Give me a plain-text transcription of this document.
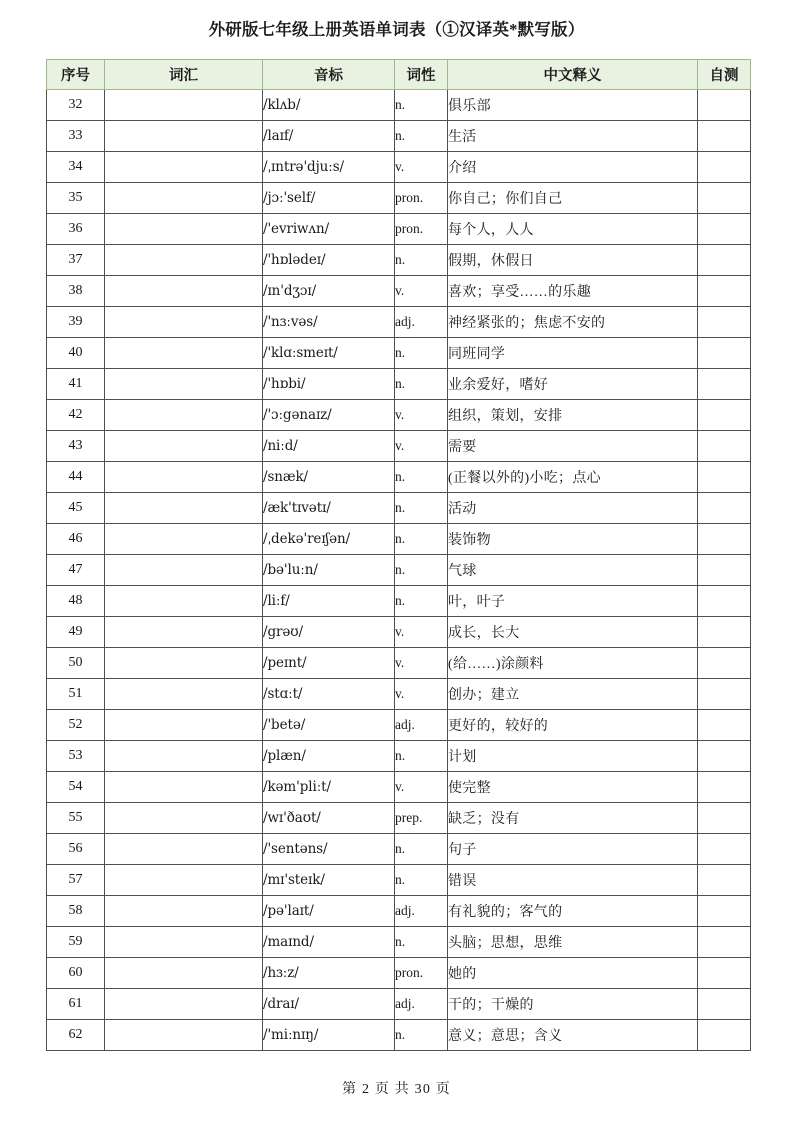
外研版七年级上册英语单词表（①汉译英*默写版）
序号	词汇	音标	词性	中文释义	自测
32		/klʌb/	n.	俱乐部	
33		/laɪf/	n.	生活	
34		/ˌɪntrə'djuːs/	v.	介绍	
35		/jɔː'self/	pron.	你自己；你们自己	
36		/'evriwʌn/	pron.	每个人，人人	
37		/'hɒlədeɪ/	n.	假期，休假日	
38		/ɪn'dʒɔɪ/	v.	喜欢；享受……的乐趣	
39		/'nɜːvəs/	adj.	神经紧张的；焦虑不安的	
40		/'klɑːsmeɪt/	n.	同班同学	
41		/'hɒbi/	n.	业余爱好，嗜好	
42		/'ɔːgənaɪz/	v.	组织，策划，安排	
43		/niːd/	v.	需要	
44		/snæk/	n.	(正餐以外的)小吃；点心	
45		/æk'tɪvətɪ/	n.	活动	
46		/ˌdekə'reɪʃən/	n.	装饰物	
47		/bə'luːn/	n.	气球	
48		/liːf/	n.	叶，叶子	
49		/grəʊ/	v.	成长，长大	
50		/peɪnt/	v.	(给……)涂颜料	
51		/stɑːt/	v.	创办；建立	
52		/'betə/	adj.	更好的，较好的	
53		/plæn/	n.	计划	
54		/kəm'pliːt/	v.	使完整	
55		/wɪ'ðaʊt/	prep.	缺乏；没有	
56		/'sentəns/	n.	句子	
57		/mɪ'steɪk/	n.	错误	
58		/pə'laɪt/	adj.	有礼貌的；客气的	
59		/maɪnd/	n.	头脑；思想，思维	
60		/hɜːz/	pron.	她的	
61		/draɪ/	adj.	干的；干燥的	
62		/'miːnɪŋ/	n.	意义；意思；含义	
第 2 页 共 30 页
